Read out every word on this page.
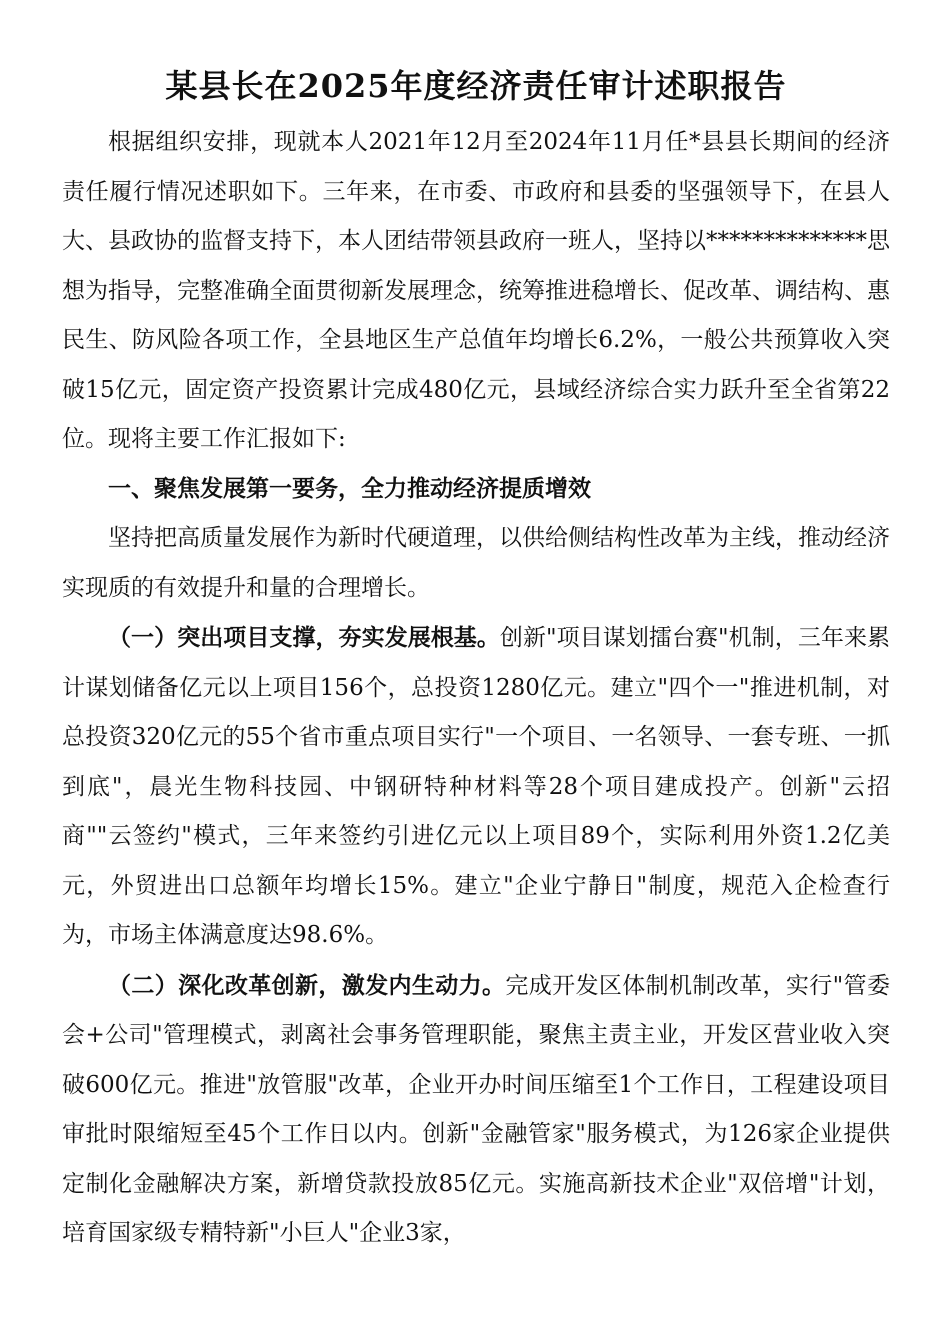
某县长在2025年度经济责任审计述职报告

根据组织安排，现就本人2021年12月至2024年11月任*县县长期间的经济责任履行情况述职如下。三年来，在市委、市政府和县委的坚强领导下，在县人大、县政协的监督支持下，本人团结带领县政府一班人，坚持以**************思想为指导，完整准确全面贯彻新发展理念，统筹推进稳增长、促改革、调结构、惠民生、防风险各项工作，全县地区生产总值年均增长6.2%，一般公共预算收入突破15亿元，固定资产投资累计完成480亿元，县域经济综合实力跃升至全省第22位。现将主要工作汇报如下:

一、聚焦发展第一要务，全力推动经济提质增效

坚持把高质量发展作为新时代硬道理，以供给侧结构性改革为主线，推动经济实现质的有效提升和量的合理增长。

（一）突出项目支撑，夯实发展根基。创新"项目谋划擂台赛"机制，三年来累计谋划储备亿元以上项目156个，总投资1280亿元。建立"四个一"推进机制，对总投资320亿元的55个省市重点项目实行"一个项目、一名领导、一套专班、一抓到底"，晨光生物科技园、中钢研特种材料等28个项目建成投产。创新"云招商""云签约"模式，三年来签约引进亿元以上项目89个，实际利用外资1.2亿美元，外贸进出口总额年均增长15%。建立"企业宁静日"制度，规范入企检查行为，市场主体满意度达98.6%。

（二）深化改革创新，激发内生动力。完成开发区体制机制改革，实行"管委会+公司"管理模式，剥离社会事务管理职能，聚焦主责主业，开发区营业收入突破600亿元。推进"放管服"改革，企业开办时间压缩至1个工作日，工程建设项目审批时限缩短至45个工作日以内。创新"金融管家"服务模式，为126家企业提供定制化金融解决方案，新增贷款投放85亿元。实施高新技术企业"双倍增"计划，培育国家级专精特新"小巨人"企业3家，
